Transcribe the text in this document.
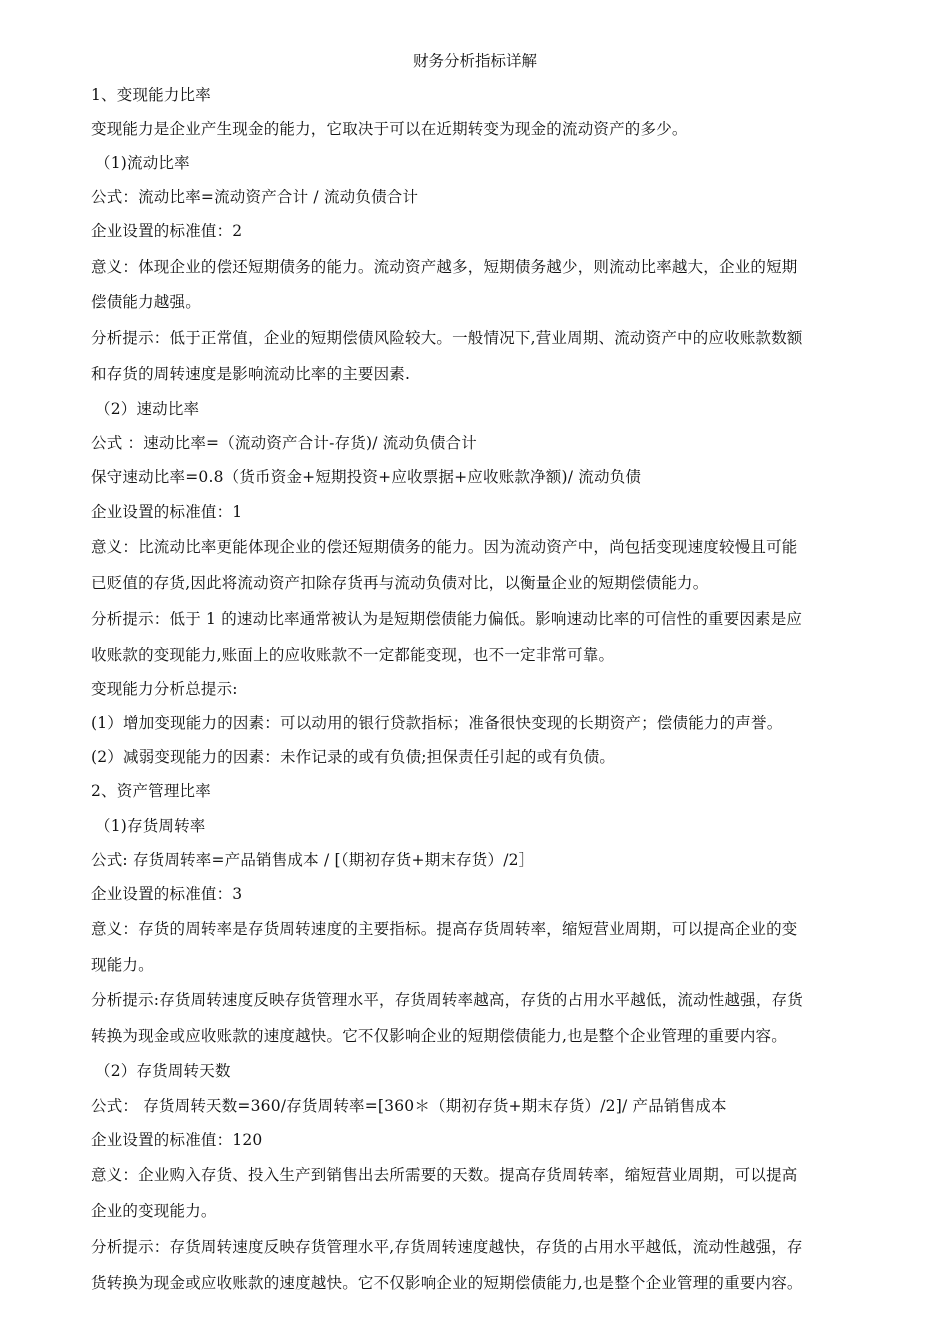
财务分析指标详解
1、变现能力比率
变现能力是企业产生现金的能力，它取决于可以在近期转变为现金的流动资产的多少。
（1)流动比率
公式：流动比率=流动资产合计 / 流动负债合计
企业设置的标准值：2
意义：体现企业的偿还短期债务的能力。流动资产越多，短期债务越少，则流动比率越大，企业的短期
偿债能力越强。
分析提示：低于正常值，企业的短期偿债风险较大。一般情况下,营业周期、流动资产中的应收账款数额
和存货的周转速度是影响流动比率的主要因素.
（2）速动比率
公式 ：速动比率=（流动资产合计-存货)/ 流动负债合计
保守速动比率=0.8（货币资金+短期投资+应收票据+应收账款净额)/ 流动负债
企业设置的标准值：1
意义：比流动比率更能体现企业的偿还短期债务的能力。因为流动资产中，尚包括变现速度较慢且可能
已贬值的存货,因此将流动资产扣除存货再与流动负债对比，以衡量企业的短期偿债能力。
分析提示：低于 1 的速动比率通常被认为是短期偿债能力偏低。影响速动比率的可信性的重要因素是应
收账款的变现能力,账面上的应收账款不一定都能变现，也不一定非常可靠。
变现能力分析总提示:
(1）增加变现能力的因素：可以动用的银行贷款指标；准备很快变现的长期资产；偿债能力的声誉。
(2）减弱变现能力的因素：未作记录的或有负债;担保责任引起的或有负债。
2、资产管理比率
（1)存货周转率
公式: 存货周转率=产品销售成本 / [（期初存货+期末存货）/2］
企业设置的标准值：3
意义：存货的周转率是存货周转速度的主要指标。提高存货周转率，缩短营业周期，可以提高企业的变
现能力。
分析提示:存货周转速度反映存货管理水平，存货周转率越高，存货的占用水平越低，流动性越强，存货
转换为现金或应收账款的速度越快。它不仅影响企业的短期偿债能力,也是整个企业管理的重要内容。
（2）存货周转天数
公式： 存货周转天数=360/存货周转率=[360＊（期初存货+期末存货）/2]/ 产品销售成本
企业设置的标准值：120
意义：企业购入存货、投入生产到销售出去所需要的天数。提高存货周转率，缩短营业周期，可以提高
企业的变现能力。
分析提示：存货周转速度反映存货管理水平,存货周转速度越快，存货的占用水平越低，流动性越强，存
货转换为现金或应收账款的速度越快。它不仅影响企业的短期偿债能力,也是整个企业管理的重要内容。
